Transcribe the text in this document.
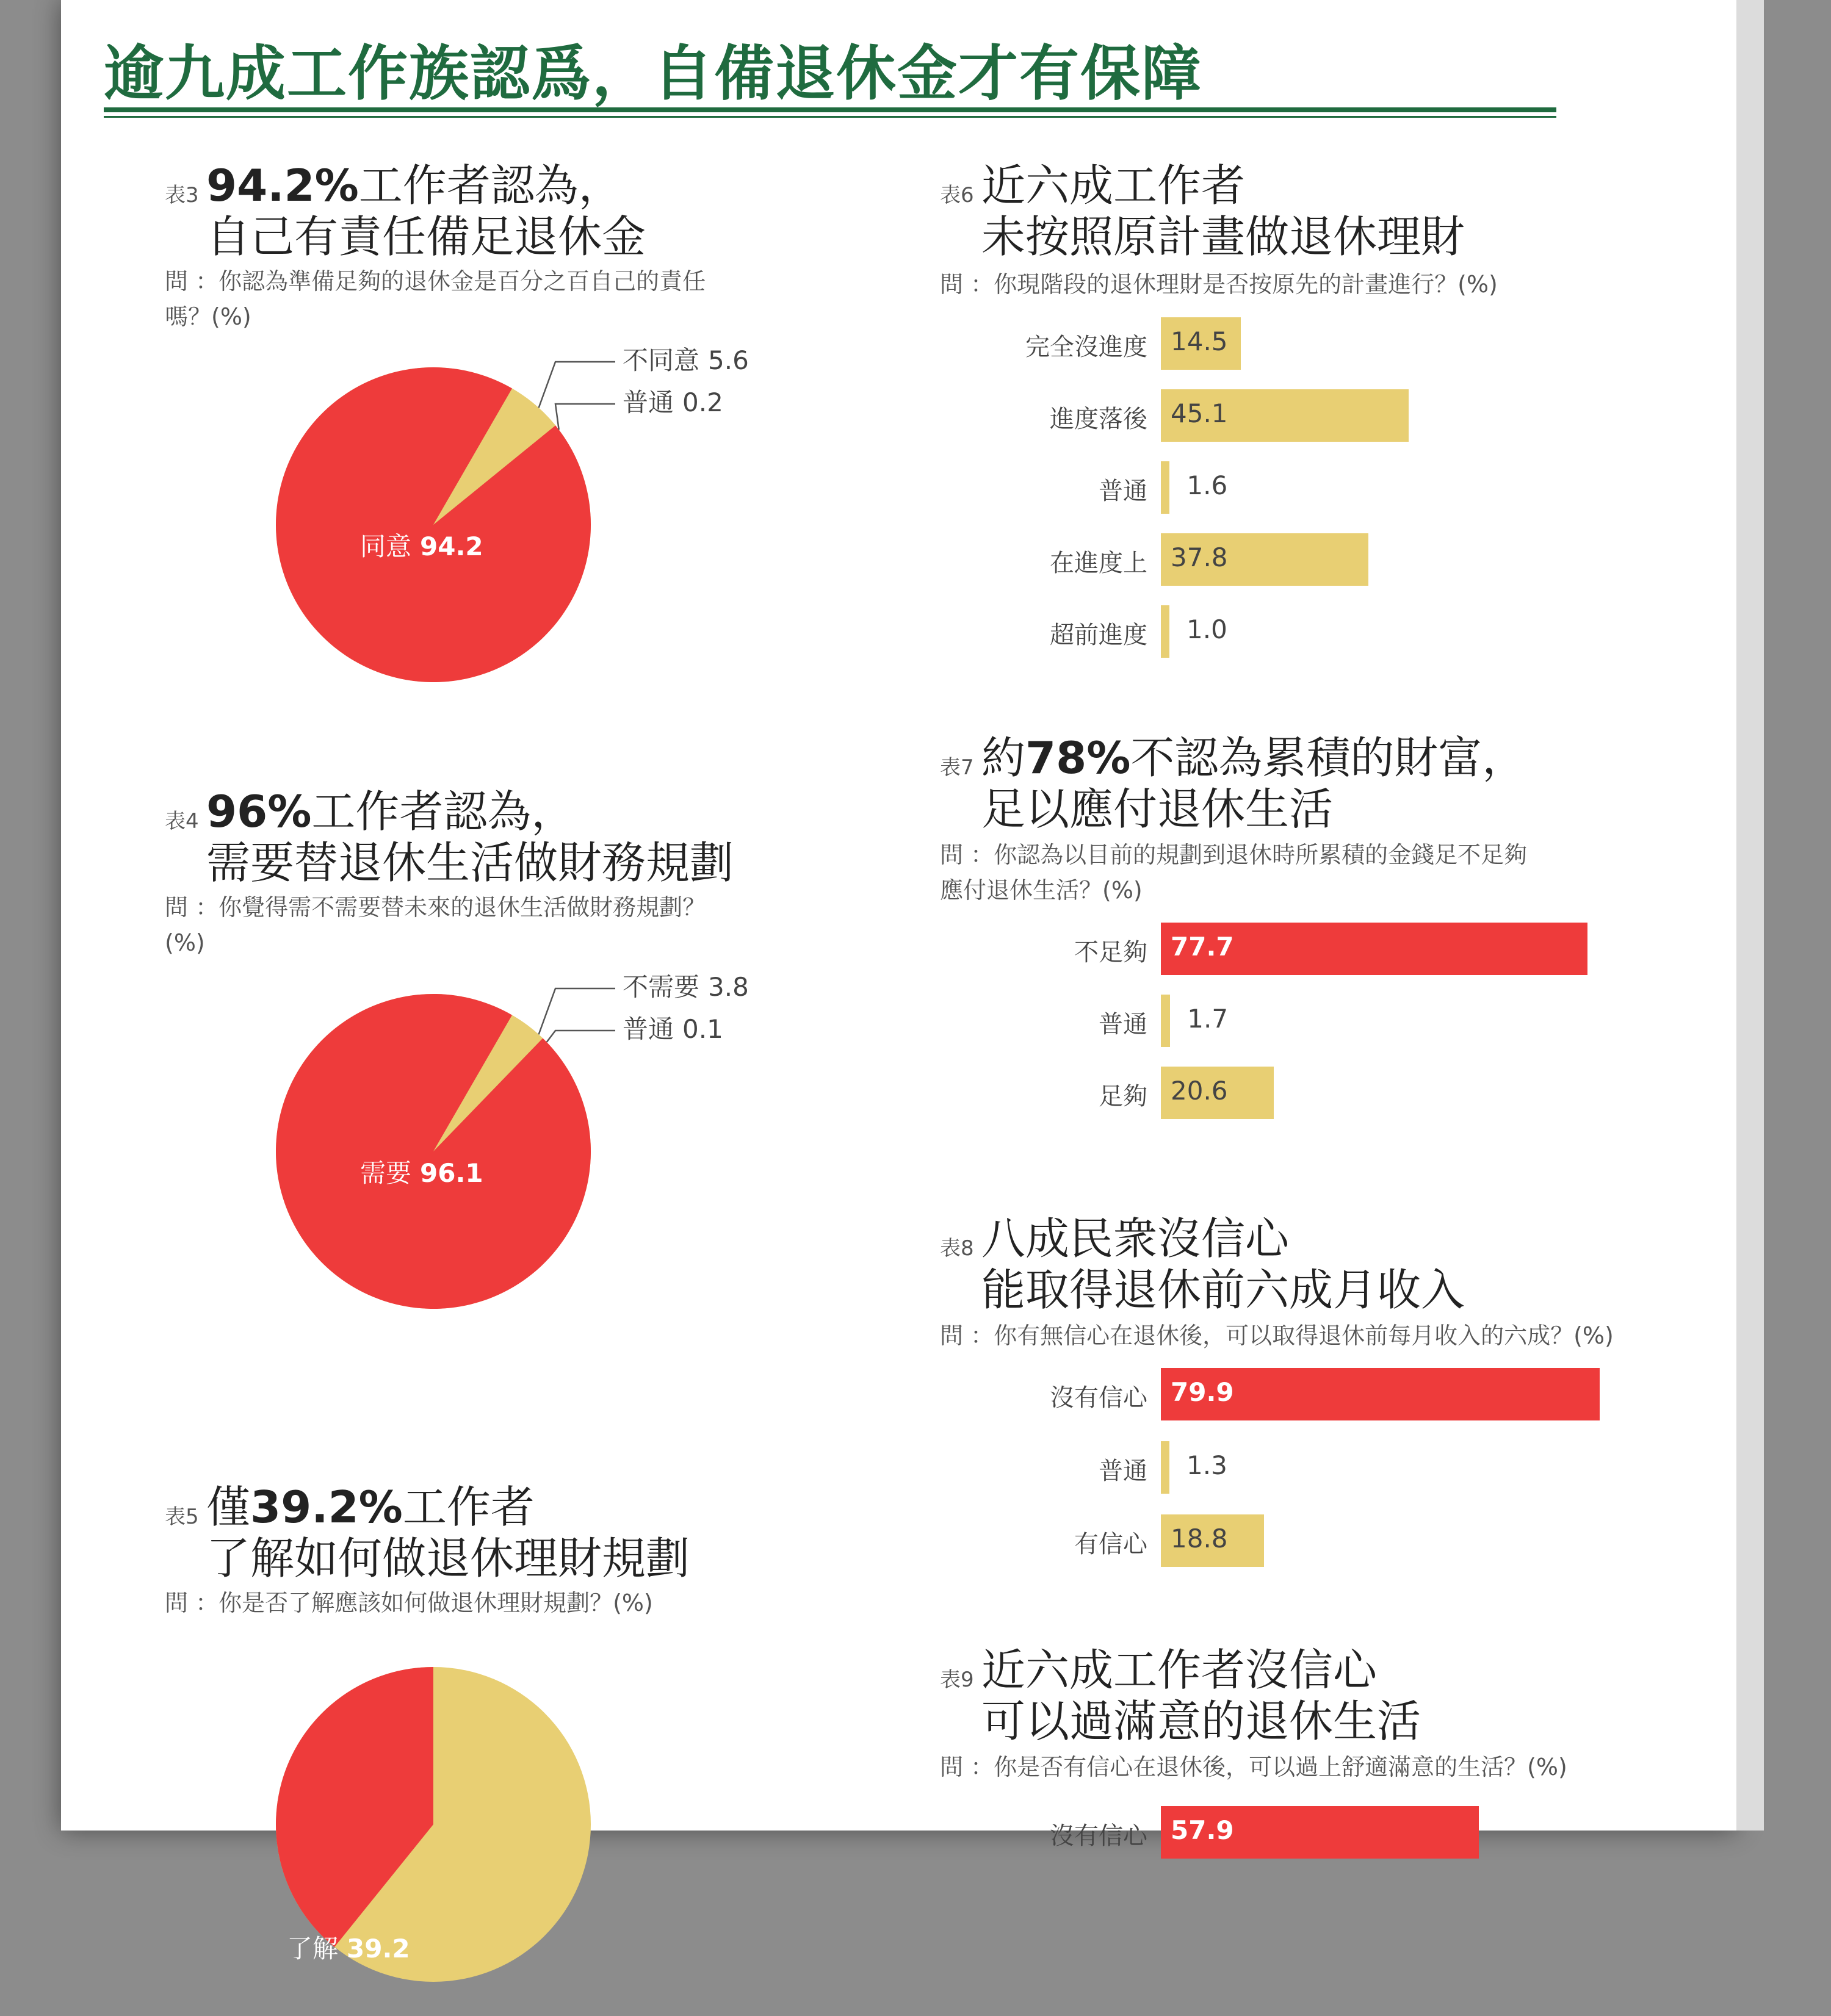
逾九成工作族認爲，自備退休金才有保障
表3 94.2%工作者認為，
自己有責任備足退休金
問 ：你認為準備足夠的退休金是百分之百自己的責任
嗎？(%)
同意 94.2
不同意 5.6
普通 0.2
表4 96%工作者認為，
需要替退休生活做財務規劃
問 ：你覺得需不需要替未來的退休生活做財務規劃？
(%)
需要 96.1
不需要 3.8
普通 0.1
表5 僅39.2%工作者
了解如何做退休理財規劃
問 ：你是否了解應該如何做退休理財規劃？(%)
了解 39.2
表6 近六成工作者
未按照原計畫做退休理財
問 ：你現階段的退休理財是否按原先的計畫進行？(%)
完全沒進度 14.5
進度落後 45.1
普通 1.6
在進度上 37.8
超前進度 1.0
表7 約78%不認為累積的財富，
足以應付退休生活
問 ：你認為以目前的規劃到退休時所累積的金錢足不足夠
應付退休生活？(%)
不足夠 77.7
普通 1.7
足夠 20.6
表8 八成民衆沒信心
能取得退休前六成月收入
問 ：你有無信心在退休後，可以取得退休前每月收入的六成？(%)
沒有信心 79.9
普通 1.3
有信心 18.8
表9 近六成工作者沒信心
可以過滿意的退休生活
問 ：你是否有信心在退休後，可以過上舒適滿意的生活？(%)
沒有信心 57.9
